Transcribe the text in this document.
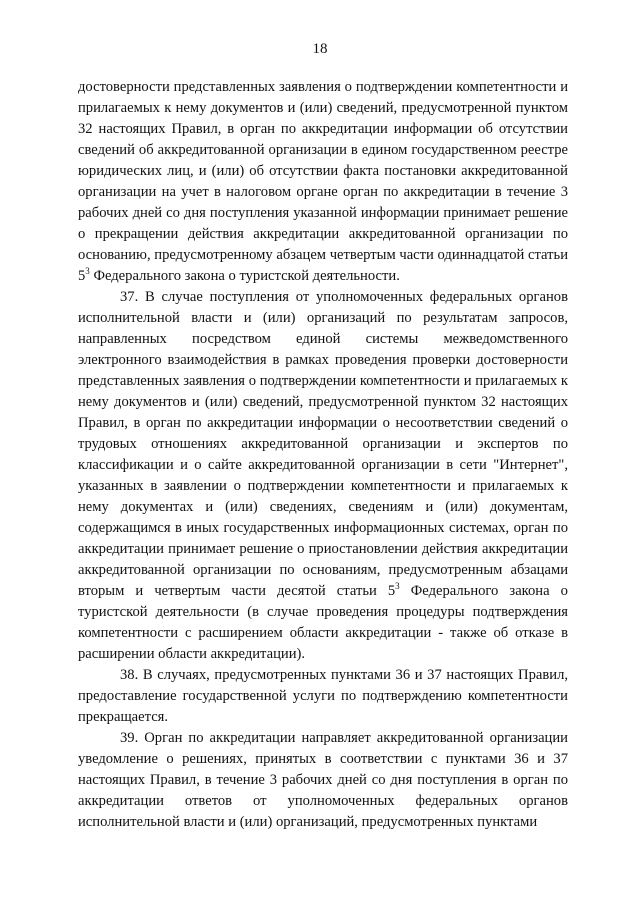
18

достоверности представленных заявления о подтверждении компетентности и прилагаемых к нему документов и (или) сведений, предусмотренной пунктом 32 настоящих Правил, в орган по аккредитации информации об отсутствии сведений об аккредитованной организации в едином государственном реестре юридических лиц, и (или) об отсутствии факта постановки аккредитованной организации на учет в налоговом органе орган по аккредитации в течение 3 рабочих дней со дня поступления указанной информации принимает решение о прекращении действия аккредитации аккредитованной организации по основанию, предусмотренному абзацем четвертым части одиннадцатой статьи $5^3$ Федерального закона о туристской деятельности.

37. В случае поступления от уполномоченных федеральных органов исполнительной власти и (или) организаций по результатам запросов, направленных посредством единой системы межведомственного электронного взаимодействия в рамках проведения проверки достоверности представленных заявления о подтверждении компетентности и прилагаемых к нему документов и (или) сведений, предусмотренной пунктом 32 настоящих Правил, в орган по аккредитации информации о несоответствии сведений о трудовых отношениях аккредитованной организации и экспертов по классификации и о сайте аккредитованной организации в сети "Интернет", указанных в заявлении о подтверждении компетентности и прилагаемых к нему документах и (или) сведениях, сведениям и (или) документам, содержащимся в иных государственных информационных системах, орган по аккредитации принимает решение о приостановлении действия аккредитации аккредитованной организации по основаниям, предусмотренным абзацами вторым и четвертым части десятой статьи $5^3$ Федерального закона о туристской деятельности (в случае проведения процедуры подтверждения компетентности с расширением области аккредитации - также об отказе в расширении области аккредитации).

38. В случаях, предусмотренных пунктами 36 и 37 настоящих Правил, предоставление государственной услуги по подтверждению компетентности прекращается.

39. Орган по аккредитации направляет аккредитованной организации уведомление о решениях, принятых в соответствии с пунктами 36 и 37 настоящих Правил, в течение 3 рабочих дней со дня поступления в орган по аккредитации ответов от уполномоченных федеральных органов исполнительной власти и (или) организаций, предусмотренных пунктами
